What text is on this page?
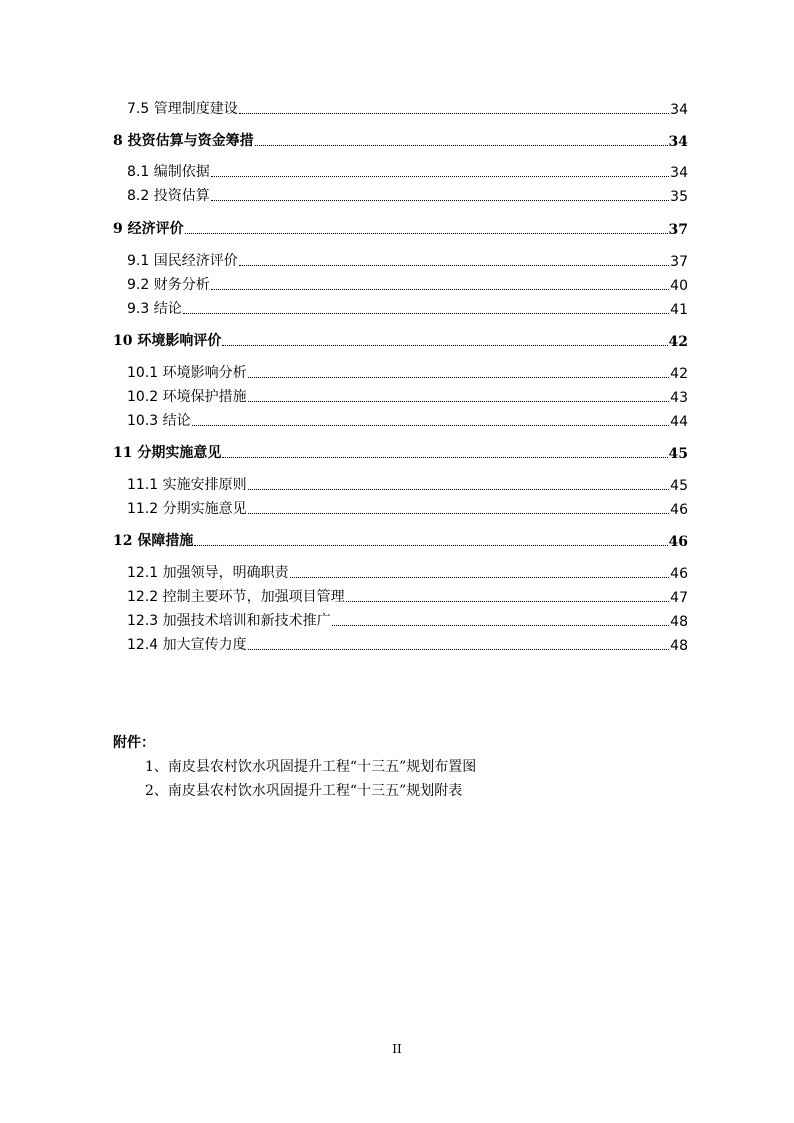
7.5 管理制度建设	34
8 投资估算与资金筹措	34
8.1 编制依据	34
8.2 投资估算	35
9 经济评价	37
9.1 国民经济评价	37
9.2 财务分析	40
9.3 结论	41
10 环境影响评价	42
10.1 环境影响分析	42
10.2 环境保护措施	43
10.3 结论	44
11 分期实施意见	45
11.1 实施安排原则	45
11.2 分期实施意见	46
12 保障措施	46
12.1 加强领导，明确职责	46
12.2 控制主要环节，加强项目管理	47
12.3 加强技术培训和新技术推广	48
12.4 加大宣传力度	48
附件：
1、南皮县农村饮水巩固提升工程“十三五”规划布置图
2、南皮县农村饮水巩固提升工程“十三五”规划附表
II
